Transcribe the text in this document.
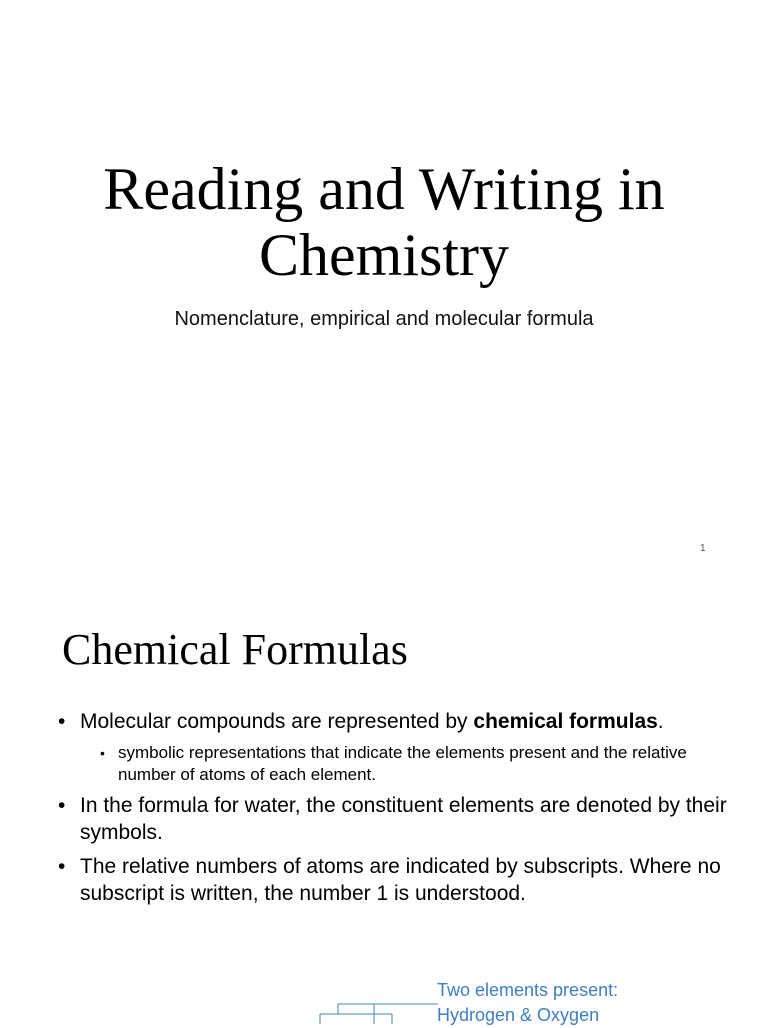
Reading and Writing in Chemistry
Nomenclature, empirical and molecular formula
1
Chemical Formulas
• Molecular compounds are represented by chemical formulas.
• symbolic representations that indicate the elements present and the relative number of atoms of each element.
• In the formula for water, the constituent elements are denoted by their symbols.
• The relative numbers of atoms are indicated by subscripts. Where no subscript is written, the number 1 is understood.
Two elements present:
Hydrogen & Oxygen
